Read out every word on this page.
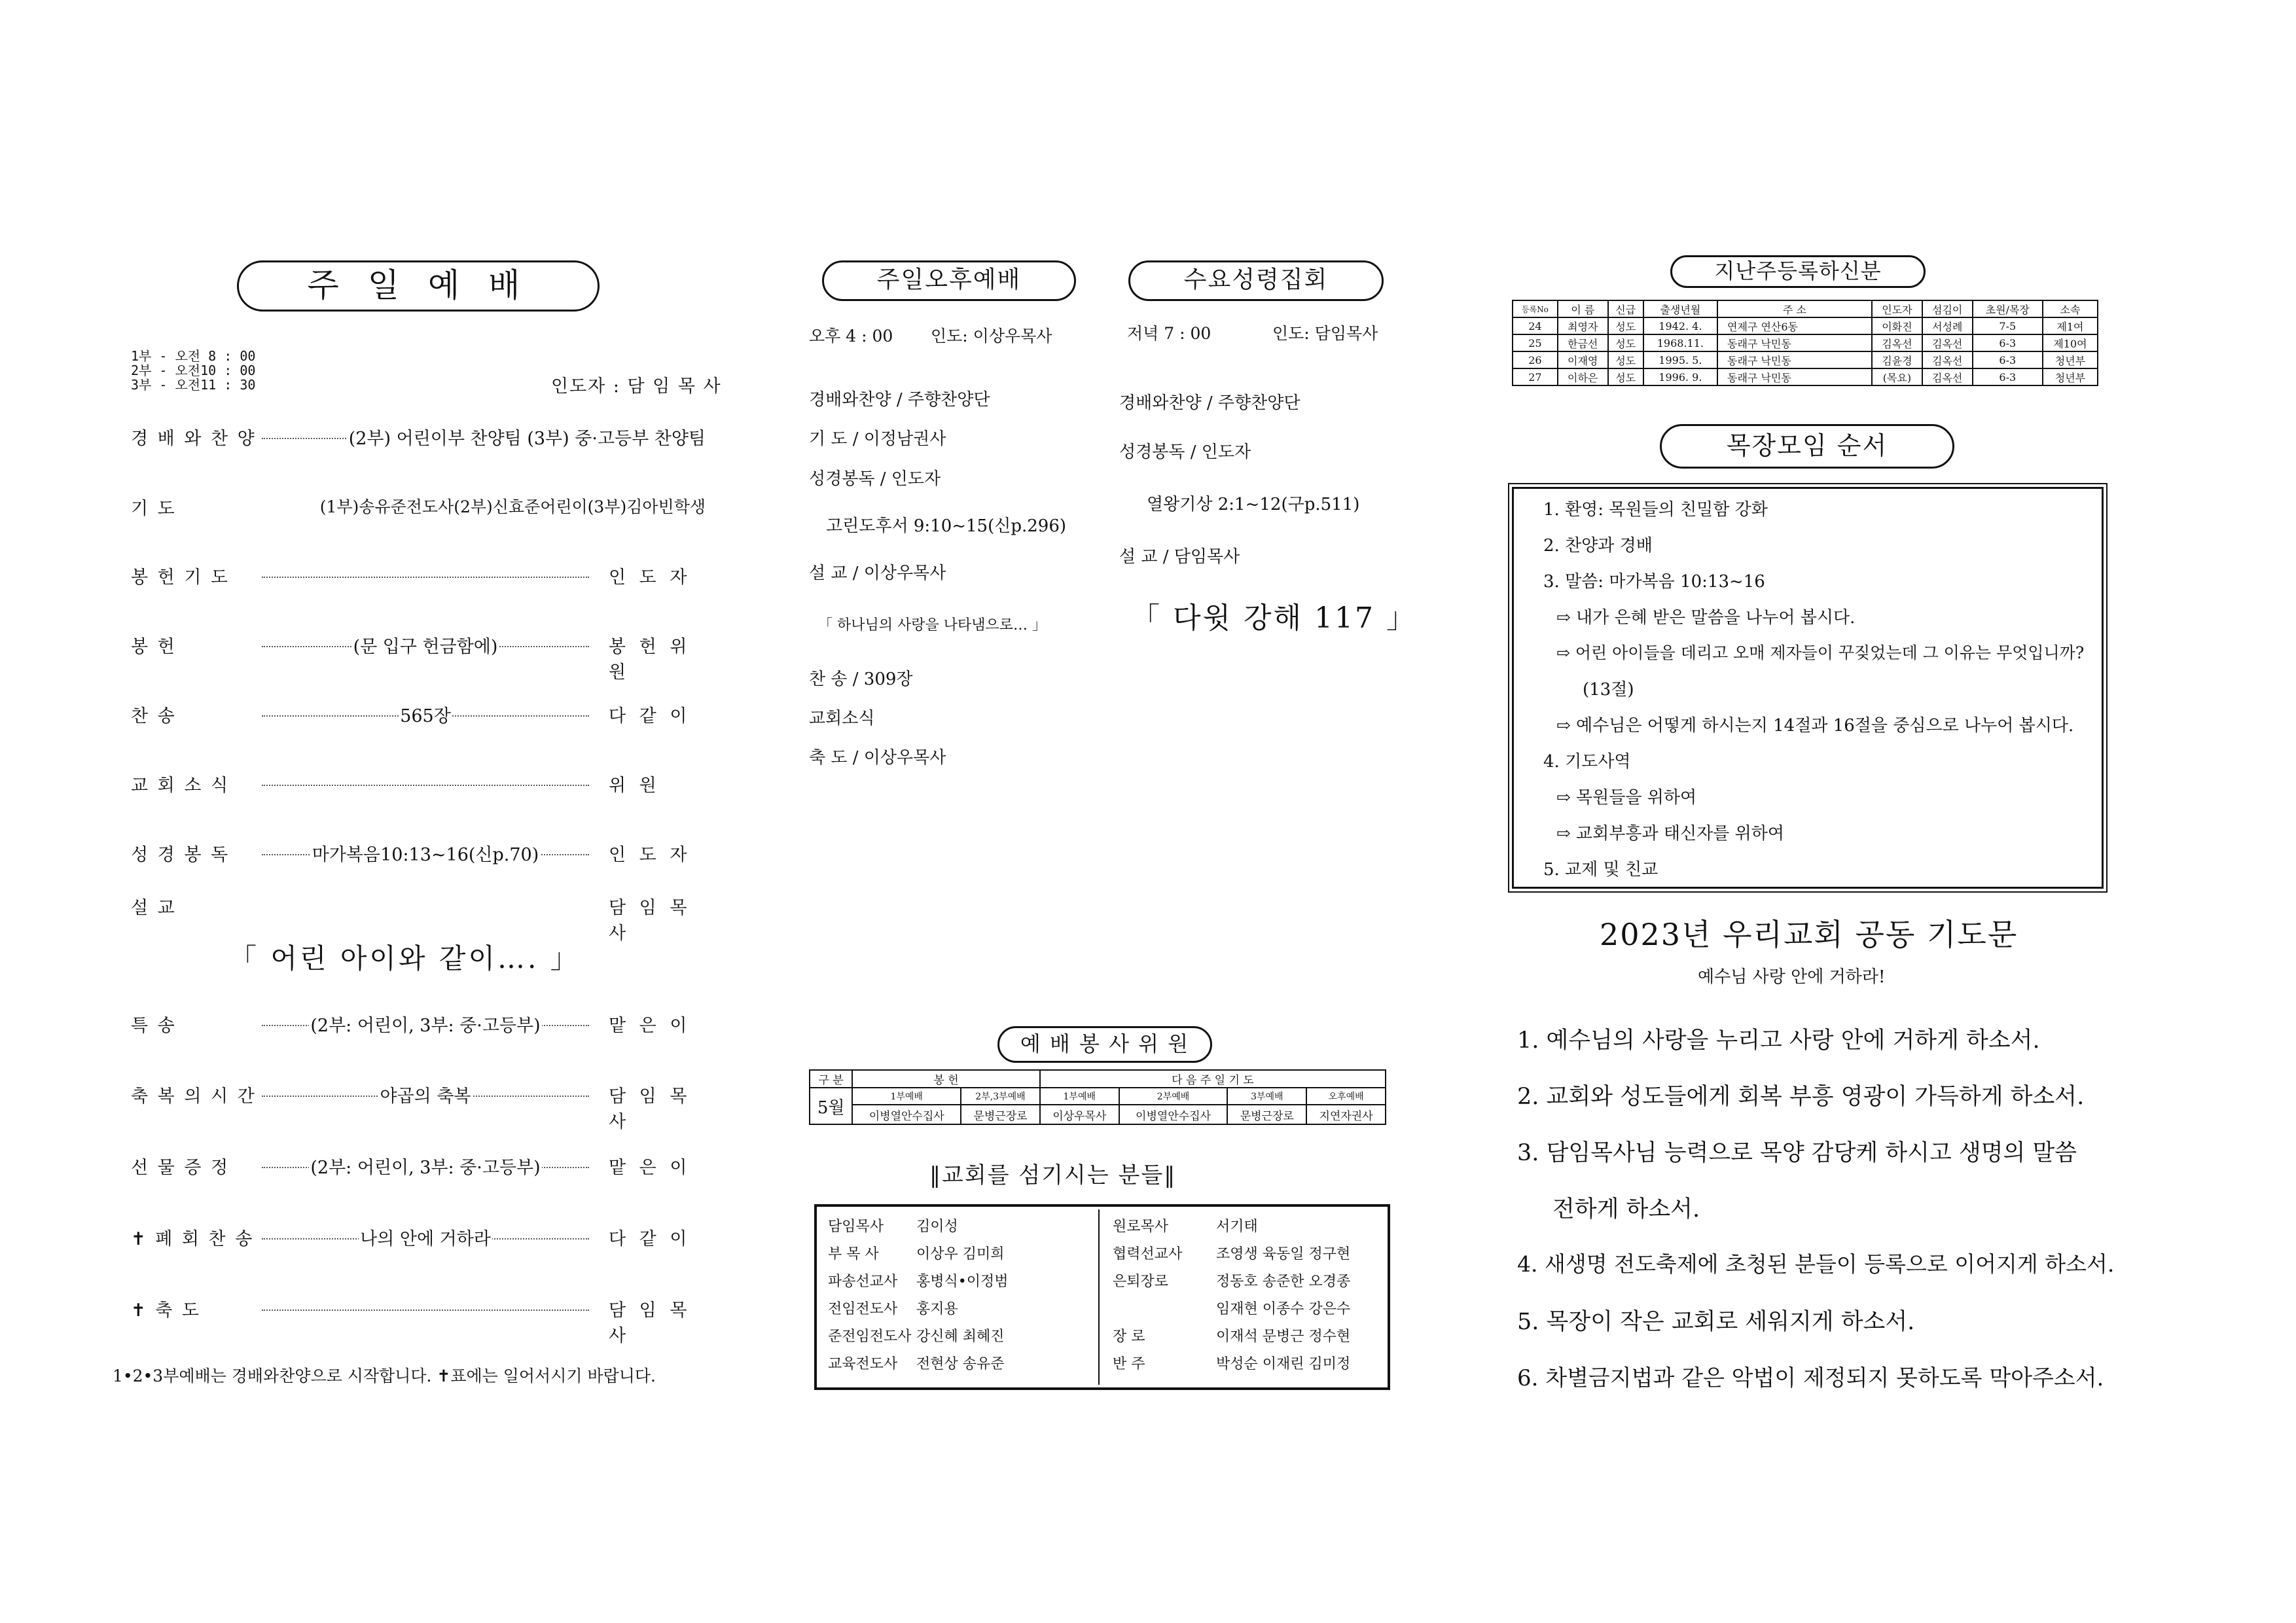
주 일 예 배
1부 - 오전 8 : 00
2부 - 오전10 : 00
3부 - 오전11 : 30	인도자 : 담 임 목 사
경 배 와 찬 양	(2부) 어린이부 찬양팀 (3부) 중·고등부 찬양팀
기 도	(1부)송유준전도사(2부)신효준어린이(3부)김아빈학생
봉 헌 기 도	인 도 자
봉 헌	(문 입구 헌금함에)	봉 헌 위 원
찬 송	565장	다 같 이
교 회 소 식	위 원
성 경 봉 독	마가복음10:13~16(신p.70)	인 도 자
설 교	담 임 목 사
「 어린 아이와 같이…. 」
특 송	(2부: 어린이, 3부: 중·고등부)	맡 은 이
축 복 의 시 간	야곱의 축복	담 임 목 사
선 물 증 정	(2부: 어린이, 3부: 중·고등부)	맡 은 이
✝ 폐 회 찬 송	나의 안에 거하라	다 같 이
✝ 축 도	담 임 목 사
1•2•3부예배는 경배와찬양으로 시작합니다. ✝표에는 일어서시기 바랍니다.
주일오후예배
오후 4 : 00 인도: 이상우목사
경배와찬양 / 주향찬양단
기 도 / 이정남권사
성경봉독 / 인도자
고린도후서 9:10~15(신p.296)
설 교 / 이상우목사
「 하나님의 사랑을 나타냄으로… 」
찬 송 / 309장
교회소식
축 도 / 이상우목사
수요성령집회
저녁 7 : 00	인도: 담임목사
경배와찬양 / 주향찬양단
성경봉독 / 인도자
열왕기상 2:1~12(구p.511)
설 교 / 담임목사
「 다윗 강해 117 」
예 배 봉 사 위 원
구 분	봉 헌		다 음 주 일 기 도			
5월	1부예배	2부,3부예배	1부예배	2부예배	3부예배	오후예배
	이병열안수집사	문병근장로	이상우목사	이병열안수집사	문병근장로	지연자권사
‖교회를 섬기시는 분들‖
담임목사 김이성
부 목 사	이상우 김미희
파송선교사 홍병식•이정범
전임전도사 홍지용
준전임전도사 강신혜 최혜진
교육전도사 전현상 송유준
원로목사	서기태
협력선교사 조영생 육동일 정구현
은퇴장로	정동호 송준한 오경종
임재현 이종수 강은수
장 로	이재석 문병근 정수현
반 주	박성순 이재린 김미정
지난주등록하신분
등록No	이 름	신급	출생년월	주 소	인도자	섬김이	초원/목장	소속
24	최영자	성도	1942. 4.	연제구 연산6동	이화진	서성례	7-5	제1여
25	한금선	성도	1968.11.	동래구 낙민동	김옥선	김옥선	6-3	제10여
26	이재영	성도	1995. 5.	동래구 낙민동	김윤경	김옥선	6-3	청년부
27	이하은	성도	1996. 9.	동래구 낙민동	(목요)	김옥선	6-3	청년부
목장모임 순서
1. 환영: 목원들의 친밀함 강화
2. 찬양과 경배
3. 말씀: 마가복음 10:13~16
⇨ 내가 은혜 받은 말씀을 나누어 봅시다.
⇨ 어린 아이들을 데리고 오매 제자들이 꾸짖었는데 그 이유는 무엇입니까?
(13절)
⇨ 예수님은 어떻게 하시는지 14절과 16절을 중심으로 나누어 봅시다.
4. 기도사역
⇨ 목원들을 위하여
⇨ 교회부흥과 태신자를 위하여
5. 교제 및 친교
2023년 우리교회 공동 기도문
예수님 사랑 안에 거하라!
1. 예수님의 사랑을 누리고 사랑 안에 거하게 하소서.
2. 교회와 성도들에게 회복 부흥 영광이 가득하게 하소서.
3. 담임목사님 능력으로 목양 감당케 하시고 생명의 말씀
전하게 하소서.
4. 새생명 전도축제에 초청된 분들이 등록으로 이어지게 하소서.
5. 목장이 작은 교회로 세워지게 하소서.
6. 차별금지법과 같은 악법이 제정되지 못하도록 막아주소서.
